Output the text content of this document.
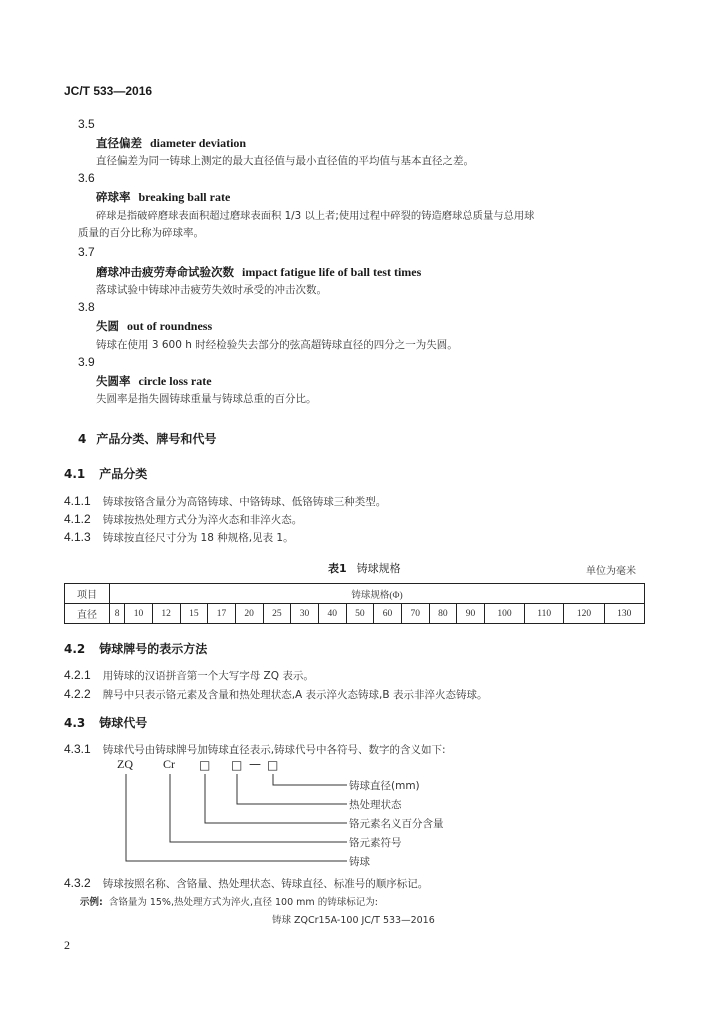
JC/T 533—2016
3.5
直径偏差 diameter deviation
直径偏差为同一铸球上测定的最大直径值与最小直径值的平均值与基本直径之差。
3.6
碎球率 breaking ball rate
碎球是指破碎磨球表面积超过磨球表面积 1/3 以上者;使用过程中碎裂的铸造磨球总质量与总用球
质量的百分比称为碎球率。
3.7
磨球冲击疲劳寿命试验次数 impact fatigue life of ball test times
落球试验中铸球冲击疲劳失效时承受的冲击次数。
3.8
失圆 out of roundness
铸球在使用 3 600 h 时经检验失去部分的弦高超铸球直径的四分之一为失圆。
3.9
失圆率 circle loss rate
失圆率是指失圆铸球重量与铸球总重的百分比。
4 产品分类、牌号和代号
4.1 产品分类
4.1.1 铸球按铬含量分为高铬铸球、中铬铸球、低铬铸球三种类型。
4.1.2 铸球按热处理方式分为淬火态和非淬火态。
4.1.3 铸球按直径尺寸分为 18 种规格,见表 1。
表1 铸球规格	单位为毫米
项目	铸球规格(Φ)																	
直径	8	10	12	15	17	20	25	30	40	50	60	70	80	90	100	110	120	130
4.2 铸球牌号的表示方法
4.2.1 用铸球的汉语拼音第一个大写字母 ZQ 表示。
4.2.2 牌号中只表示铬元素及含量和热处理状态,A 表示淬火态铸球,B 表示非淬火态铸球。
4.3 铸球代号
4.3.1 铸球代号由铸球牌号加铸球直径表示,铸球代号中各符号、数字的含义如下:
ZQ	Cr □ □ — □
铸球直径(mm)
热处理状态
铬元素名义百分含量
铬元素符号
铸球
4.3.2 铸球按照名称、含铬量、热处理状态、铸球直径、标准号的顺序标记。
示例: 含铬量为 15%,热处理方式为淬火,直径 100 mm 的铸球标记为:
铸球 ZQCr15A-100 JC/T 533—2016
2
